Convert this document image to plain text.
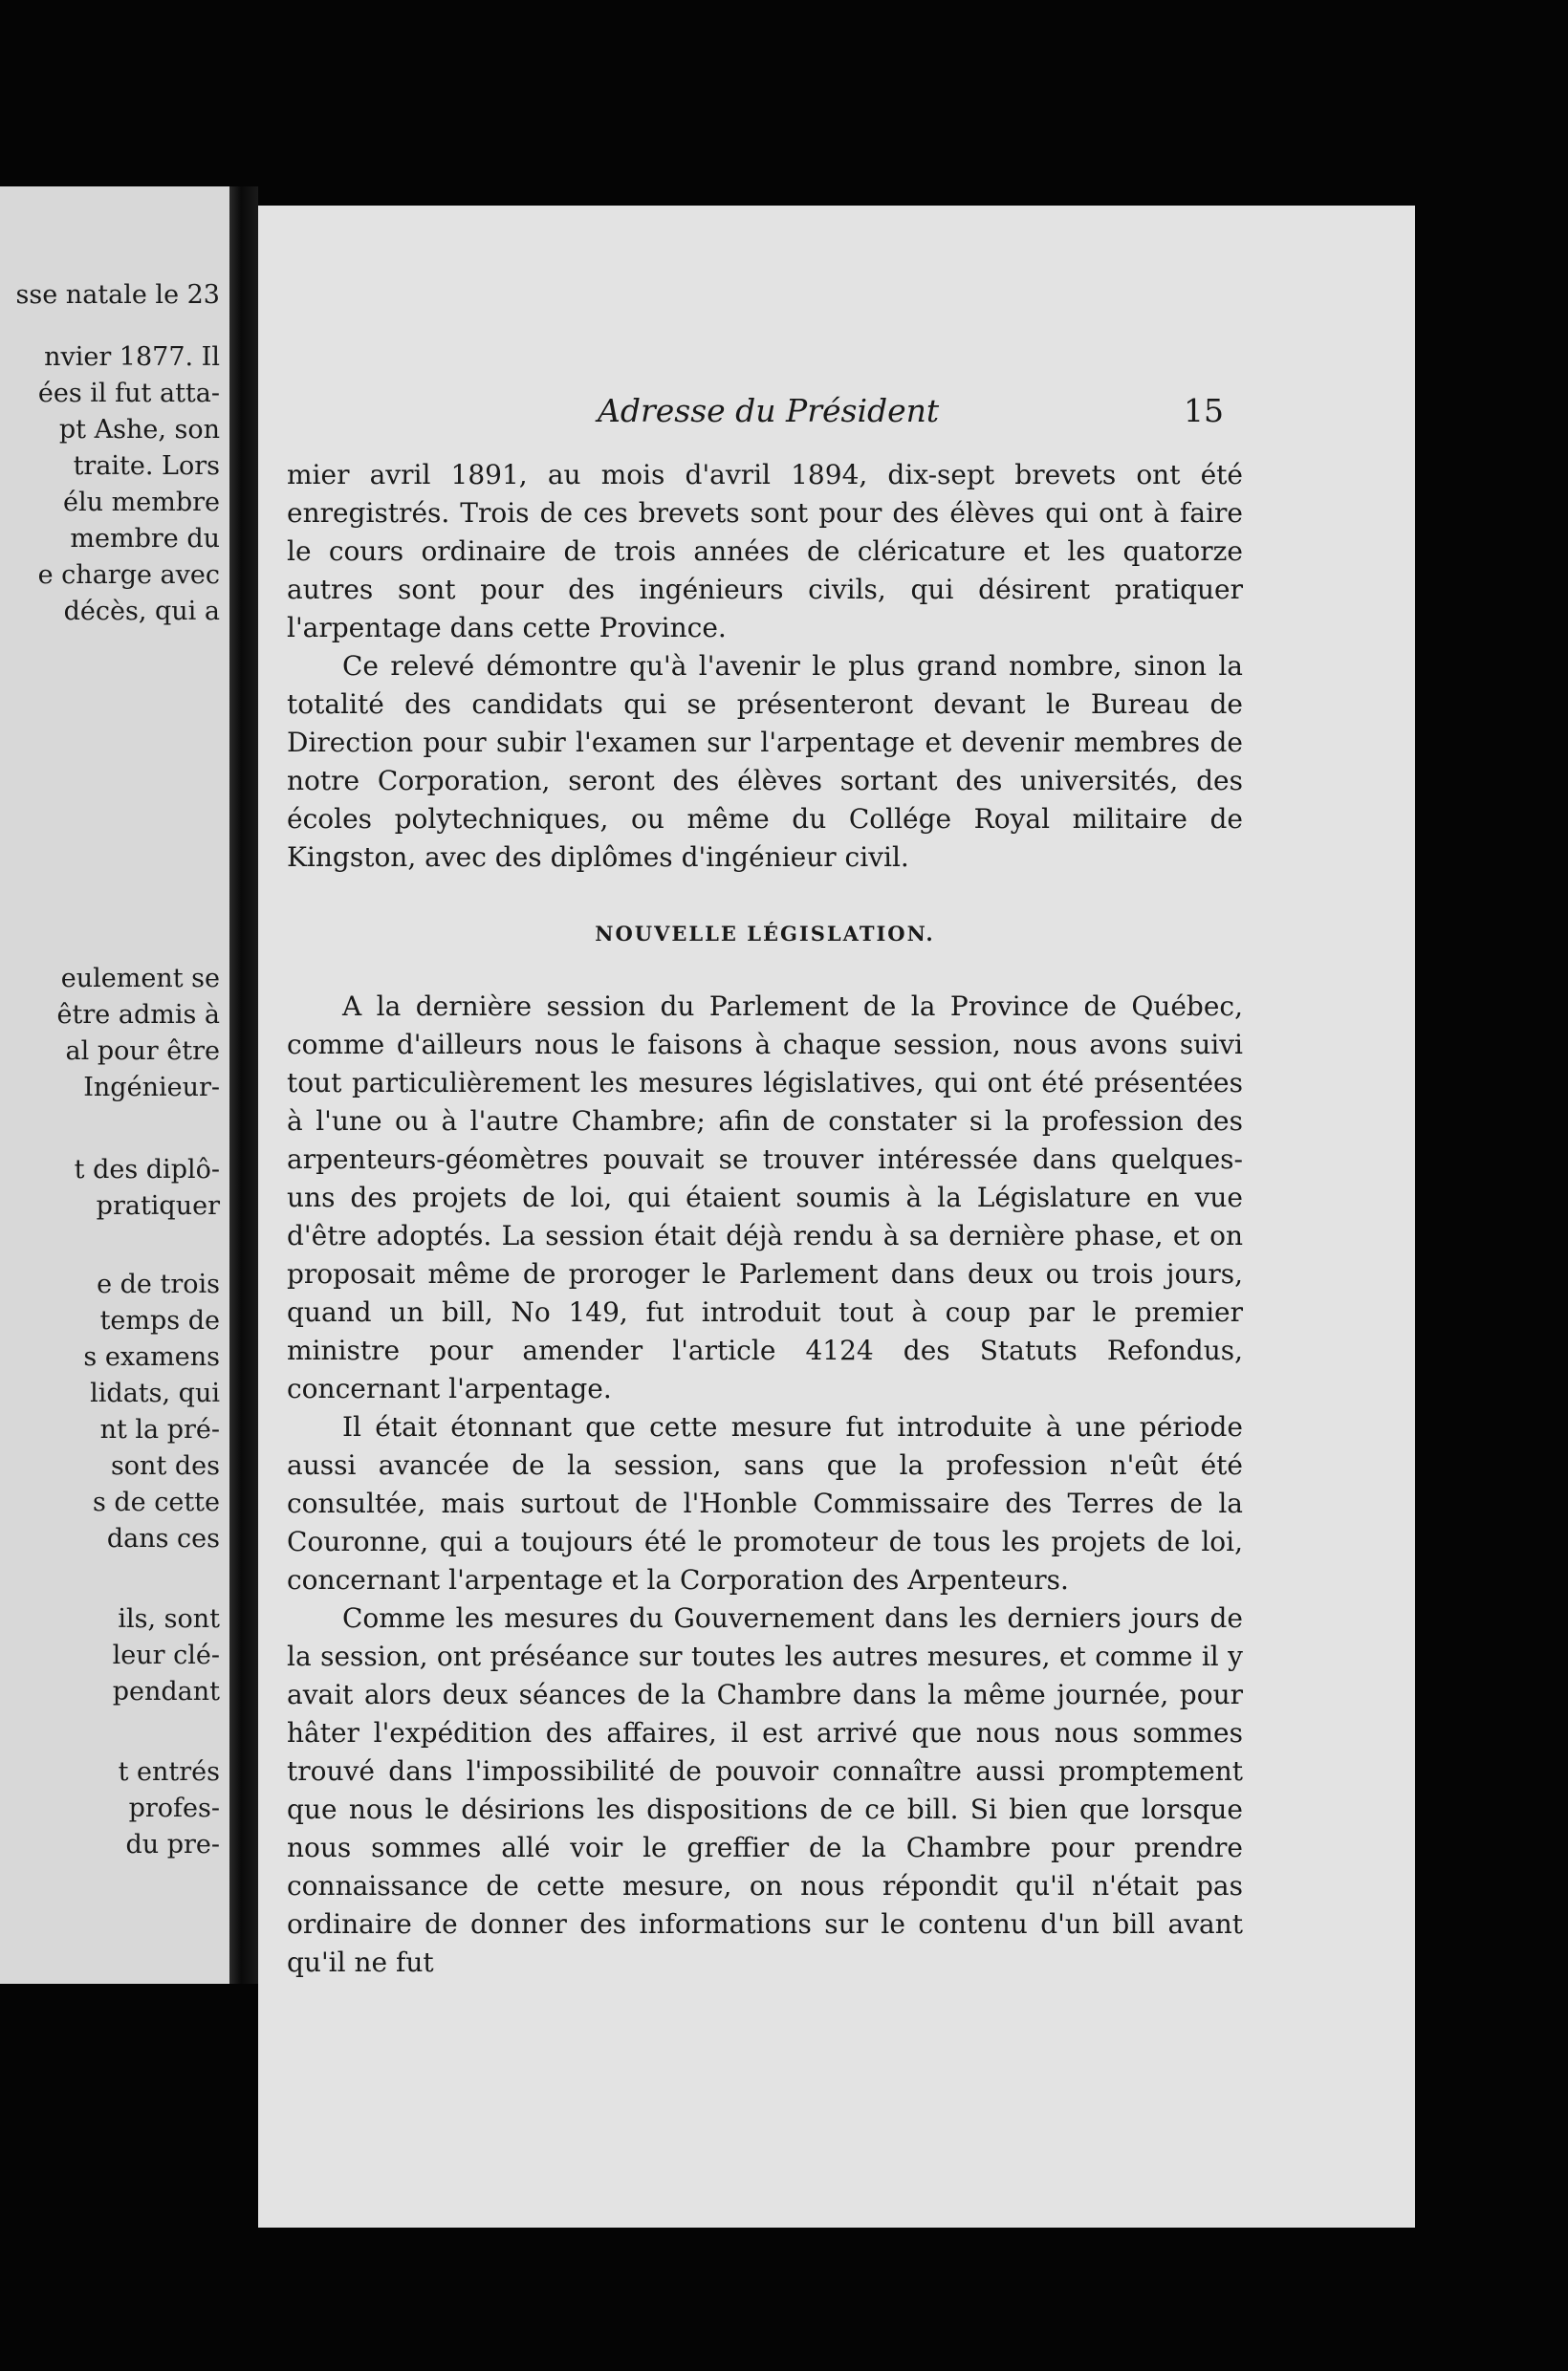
sse natale le 23
nvier 1877. Il
ées il fut atta-
pt Ashe, son
traite. Lors
élu membre
membre du
e charge avec
décès, qui a
eulement se
être admis à
al pour être
Ingénieur-
t des diplô-
pratiquer
e de trois
temps de
s examens
lidats, qui
nt la pré-
sont des
s de cette
dans ces
ils, sont
leur clé-
pendant
t entrés
profes-
du pre-
Adresse du Président	15

mier avril 1891, au mois d'avril 1894, dix-sept brevets ont été enregistrés. Trois de ces brevets sont pour des élèves qui ont à faire le cours ordinaire de trois années de cléricature et les quatorze autres sont pour des ingénieurs civils, qui désirent pratiquer l'arpentage dans cette Province.

Ce relevé démontre qu'à l'avenir le plus grand nombre, sinon la totalité des candidats qui se présenteront devant le Bureau de Direction pour subir l'examen sur l'arpentage et devenir membres de notre Corporation, seront des élèves sortant des universités, des écoles polytechniques, ou même du Collége Royal militaire de Kingston, avec des diplômes d'ingénieur civil.

NOUVELLE LÉGISLATION.

A la dernière session du Parlement de la Province de Québec, comme d'ailleurs nous le faisons à chaque session, nous avons suivi tout particulièrement les mesures législatives, qui ont été présentées à l'une ou à l'autre Chambre; afin de constater si la profession des arpenteurs-géomètres pouvait se trouver intéressée dans quelques-uns des projets de loi, qui étaient soumis à la Législature en vue d'être adoptés. La session était déjà rendu à sa dernière phase, et on proposait même de proroger le Parlement dans deux ou trois jours, quand un bill, No 149, fut introduit tout à coup par le premier ministre pour amender l'article 4124 des Statuts Refondus, concernant l'arpentage.

Il était étonnant que cette mesure fut introduite à une période aussi avancée de la session, sans que la profession n'eût été consultée, mais surtout de l'Honble Commissaire des Terres de la Couronne, qui a toujours été le promoteur de tous les projets de loi, concernant l'arpentage et la Corporation des Arpenteurs.

Comme les mesures du Gouvernement dans les derniers jours de la session, ont préséance sur toutes les autres mesures, et comme il y avait alors deux séances de la Chambre dans la même journée, pour hâter l'expédition des affaires, il est arrivé que nous nous sommes trouvé dans l'impossibilité de pouvoir connaître aussi promptement que nous le désirions les dispositions de ce bill. Si bien que lorsque nous sommes allé voir le greffier de la Chambre pour prendre connaissance de cette mesure, on nous répondit qu'il n'était pas ordinaire de donner des informations sur le contenu d'un bill avant qu'il ne fut
